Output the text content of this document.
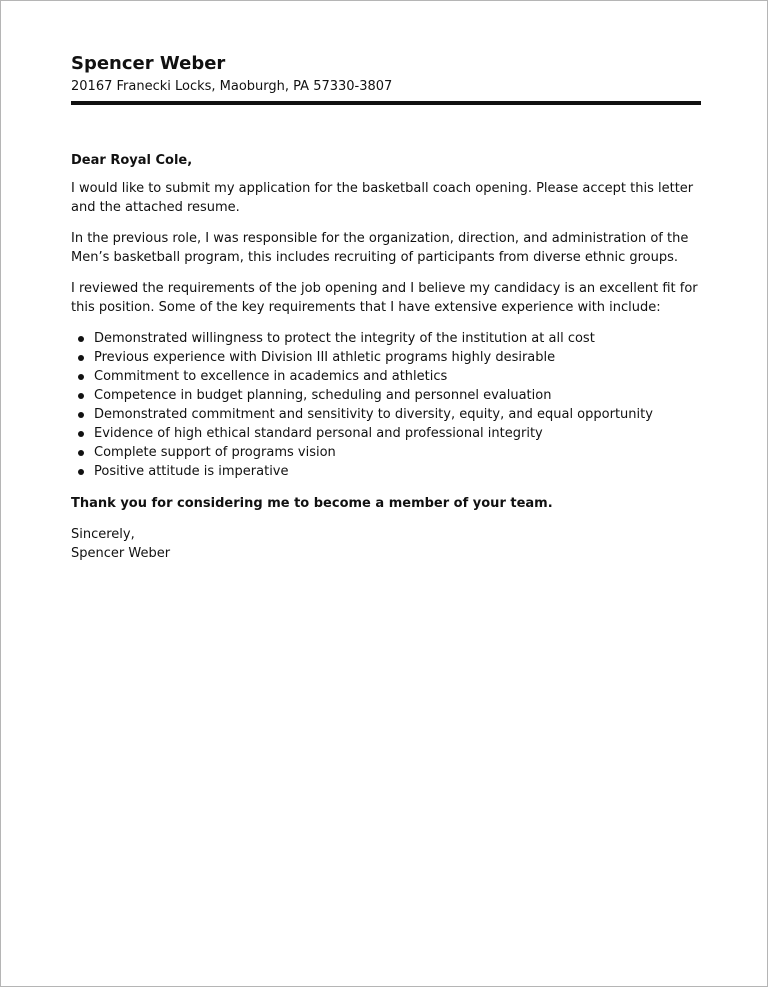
Spencer Weber

20167 Franecki Locks, Maoburgh, PA 57330-3807

Dear Royal Cole,

I would like to submit my application for the basketball coach opening. Please accept this letter and the attached resume.

In the previous role, I was responsible for the organization, direction, and administration of the Men’s basketball program, this includes recruiting of participants from diverse ethnic groups.

I reviewed the requirements of the job opening and I believe my candidacy is an excellent fit for this position. Some of the key requirements that I have extensive experience with include:

Demonstrated willingness to protect the integrity of the institution at all cost
Previous experience with Division III athletic programs highly desirable
Commitment to excellence in academics and athletics
Competence in budget planning, scheduling and personnel evaluation
Demonstrated commitment and sensitivity to diversity, equity, and equal opportunity
Evidence of high ethical standard personal and professional integrity
Complete support of programs vision
Positive attitude is imperative

Thank you for considering me to become a member of your team.

Sincerely,

Spencer Weber
